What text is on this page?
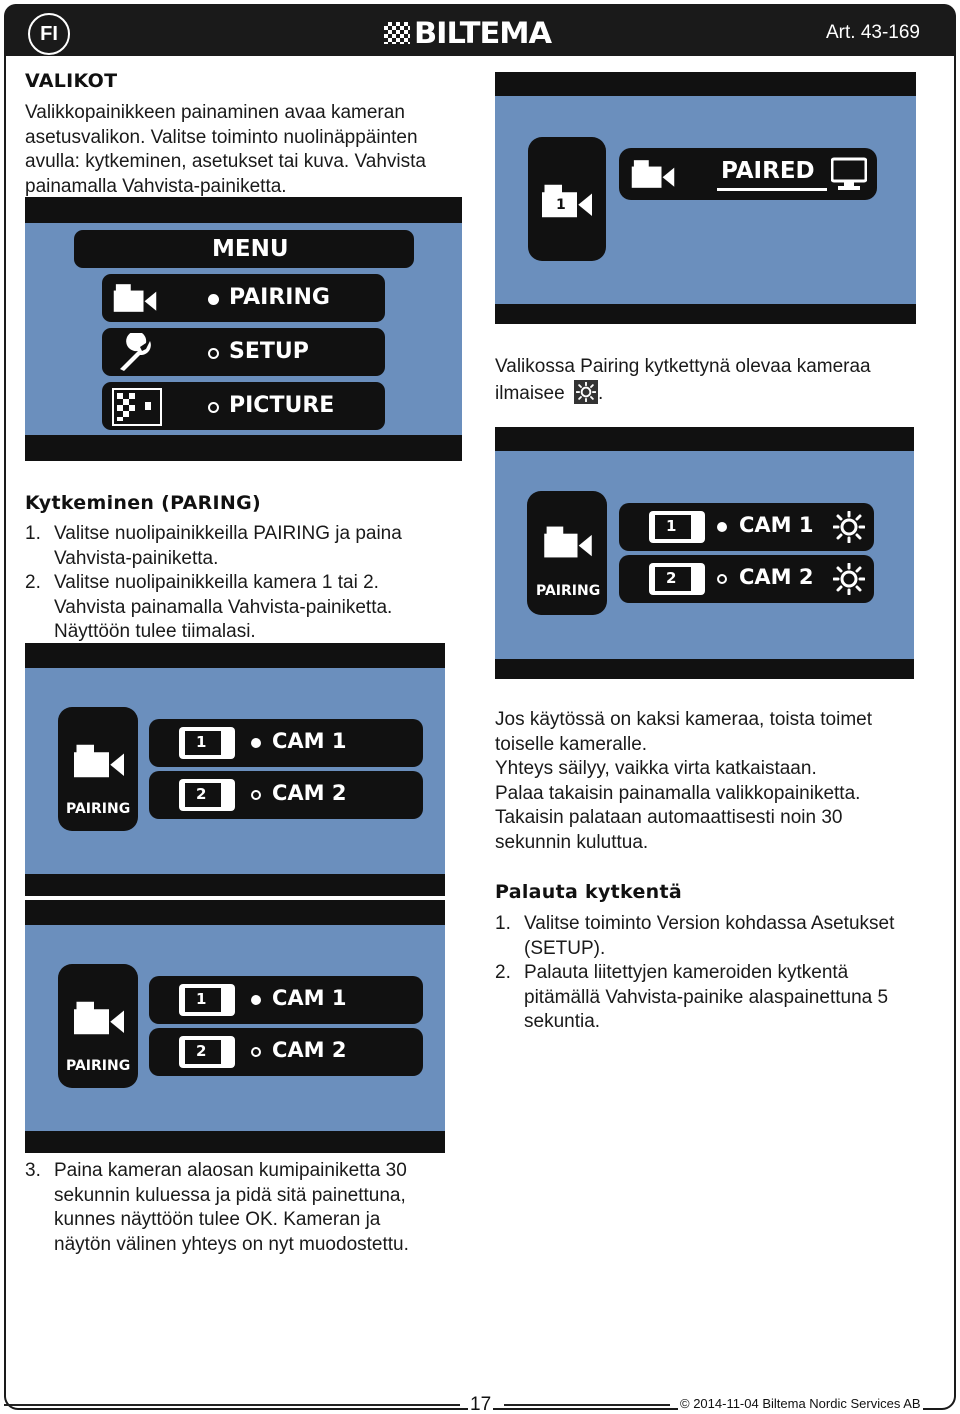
FI	BILTEMA	Art. 43-169
VALIKOT
Valikkopainikkeen painaminen avaa kameran
asetusvalikon. Valitse toiminto nuolinäppäinten
avulla: kytkeminen, asetukset tai kuva. Vahvista
painamalla Vahvista-painiketta.
MENU
PAIRING
SETUP
PICTURE
1
PAIRED
Valikossa Pairing kytkettynä olevaa kameraa
ilmaisee .
Kytkeminen (PARING)
1. Valitse nuolipainikkeilla PAIRING ja paina
Vahvista-painiketta.
2. Valitse nuolipainikkeilla kamera 1 tai 2.
Vahvista painamalla Vahvista-painiketta.
Näyttöön tulee tiimalasi.
PAIRING
1	CAM 1
2	CAM 2
PAIRING
1	CAM 1
2	CAM 2
PAIRING
1	CAM 1
2	CAM 2
Jos käytössä on kaksi kameraa, toista toimet
toiselle kameralle.
Yhteys säilyy, vaikka virta katkaistaan.
Palaa takaisin painamalla valikkopainiketta.
Takaisin palataan automaattisesti noin 30
sekunnin kuluttua.
Palauta kytkentä
1. Valitse toiminto Version kohdassa Asetukset
(SETUP).
2. Palauta liitettyjen kameroiden kytkentä
pitämällä Vahvista-painike alaspainettuna 5
sekuntia.
3. Paina kameran alaosan kumipainiketta 30
sekunnin kuluessa ja pidä sitä painettuna,
kunnes näyttöön tulee OK. Kameran ja
näytön välinen yhteys on nyt muodostettu.
17	© 2014-11-04 Biltema Nordic Services AB
